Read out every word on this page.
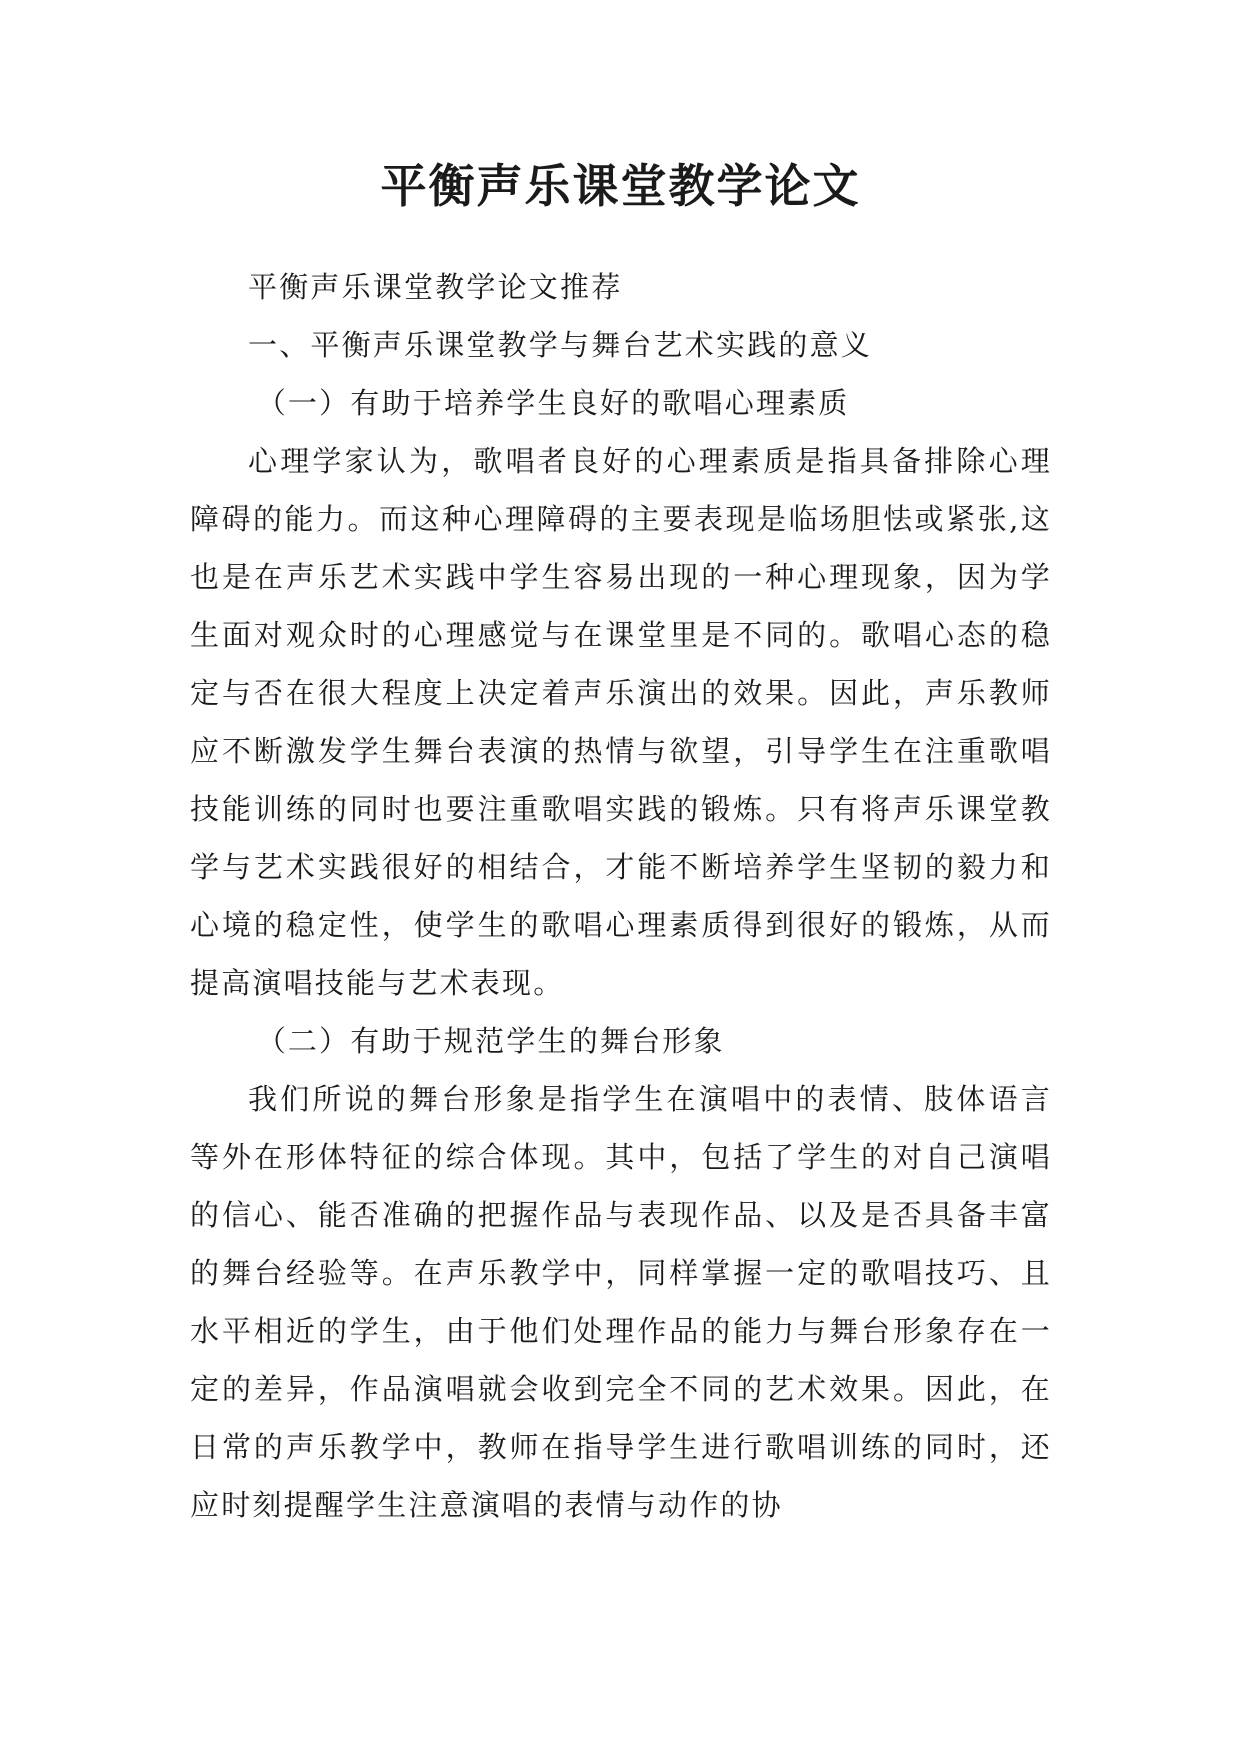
平衡声乐课堂教学论文

平衡声乐课堂教学论文推荐

一、平衡声乐课堂教学与舞台艺术实践的意义

（一）有助于培养学生良好的歌唱心理素质

心理学家认为，歌唱者良好的心理素质是指具备排除心理障碍的能力。而这种心理障碍的主要表现是临场胆怯或紧张,这也是在声乐艺术实践中学生容易出现的一种心理现象，因为学生面对观众时的心理感觉与在课堂里是不同的。歌唱心态的稳定与否在很大程度上决定着声乐演出的效果。因此，声乐教师应不断激发学生舞台表演的热情与欲望，引导学生在注重歌唱技能训练的同时也要注重歌唱实践的锻炼。只有将声乐课堂教学与艺术实践很好的相结合，才能不断培养学生坚韧的毅力和心境的稳定性，使学生的歌唱心理素质得到很好的锻炼，从而提高演唱技能与艺术表现。

（二）有助于规范学生的舞台形象

我们所说的舞台形象是指学生在演唱中的表情、肢体语言等外在形体特征的综合体现。其中，包括了学生的对自己演唱的信心、能否准确的把握作品与表现作品、以及是否具备丰富的舞台经验等。在声乐教学中，同样掌握一定的歌唱技巧、且水平相近的学生，由于他们处理作品的能力与舞台形象存在一定的差异，作品演唱就会收到完全不同的艺术效果。因此，在日常的声乐教学中，教师在指导学生进行歌唱训练的同时，还应时刻提醒学生注意演唱的表情与动作的协
